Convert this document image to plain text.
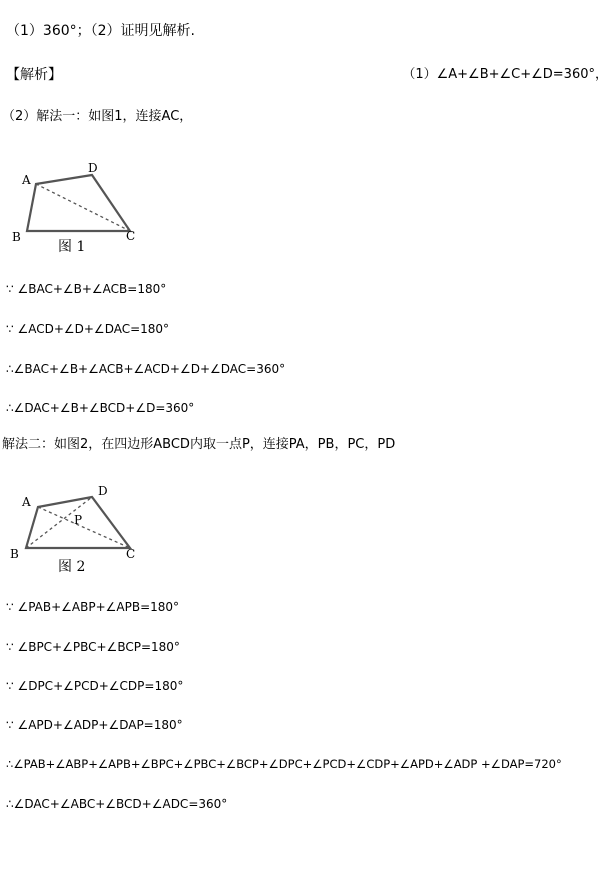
（1）360°；（2）证明见解析.
【解析】	（1）∠A+∠B+∠C+∠D=360°，
（2）解法一：如图1，连接AC，
A
B	C
D
图 1
∵ ∠BAC+∠B+∠ACB=180°
∵ ∠ACD+∠D+∠DAC=180°
∴∠BAC+∠B+∠ACB+∠ACD+∠D+∠DAC=360°
∴∠DAC+∠B+∠BCD+∠D=360°
解法二：如图2，在四边形ABCD内取一点P，连接PA，PB，PC，PD
A
B	C
D
P
图 2
∵ ∠PAB+∠ABP+∠APB=180°
∵ ∠BPC+∠PBC+∠BCP=180°
∵ ∠DPC+∠PCD+∠CDP=180°
∵ ∠APD+∠ADP+∠DAP=180°
∴∠PAB+∠ABP+∠APB+∠BPC+∠PBC+∠BCP+∠DPC+∠PCD+∠CDP+∠APD+∠ADP +∠DAP=720°
∴∠DAC+∠ABC+∠BCD+∠ADC=360°
